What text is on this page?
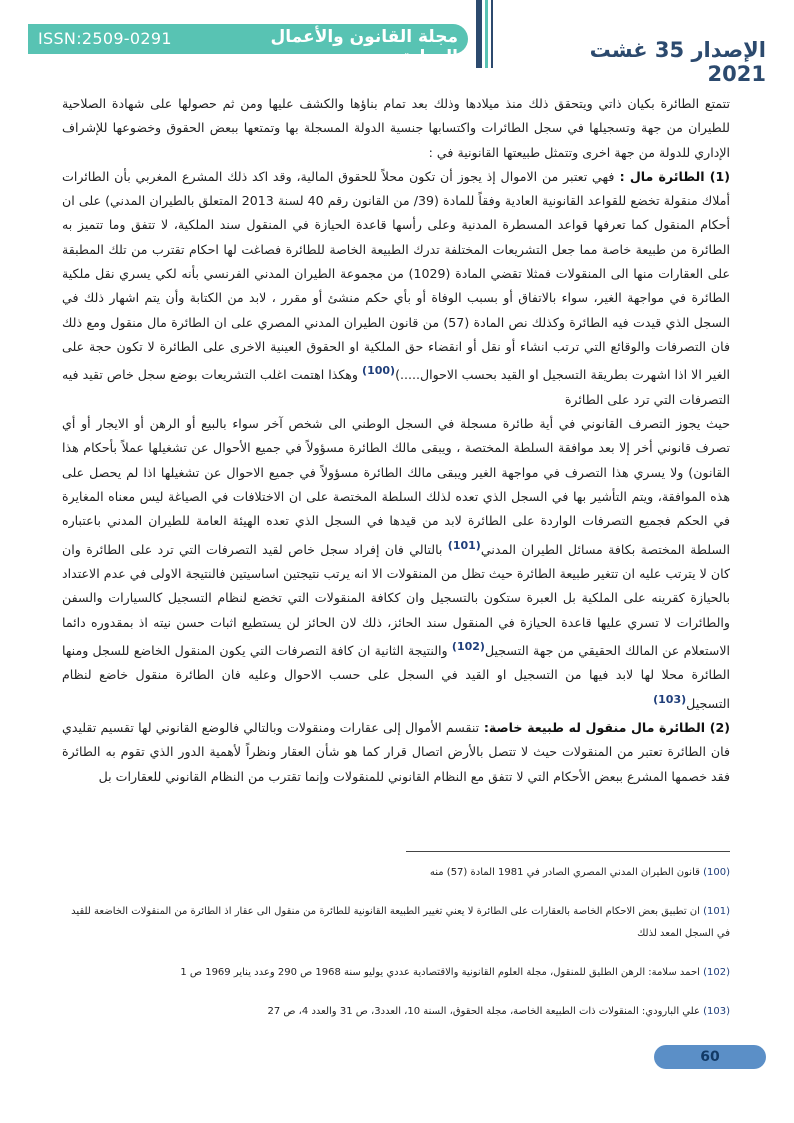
ISSN:2509-0291	مجلة القانون والأعمال الدولية	الإصدار 35 غشت 2021

تتمتع الطائرة بكيان ذاتي ويتحقق ذلك منذ ميلادها وذلك بعد تمام بناؤها والكشف عليها ومن ثم حصولها على شهادة الصلاحية للطيران من جهة وتسجيلها في سجل الطائرات واكتسابها جنسية الدولة المسجلة بها وتمتعها ببعض الحقوق وخضوعها للإشراف الإداري للدولة من جهة اخرى وتتمثل طبيعتها القانونية في :

(1) الطائرة مال : فهي تعتبر من الاموال إذ يجوز أن تكون محلاً للحقوق المالية، وقد اكد ذلك المشرع المغربي بأن الطائرات أملاك منقولة تخضع للقواعد القانونية العادية وفقاً للمادة (39/ من القانون رقم 40 لسنة 2013 المتعلق بالطيران المدني) على ان أحكام المنقول كما تعرفها قواعد المسطرة المدنية وعلى رأسها قاعدة الحيازة في المنقول سند الملكية، لا تتفق وما تتميز به الطائرة من طبيعة خاصة مما جعل التشريعات المختلفة تدرك الطبيعة الخاصة للطائرة فصاغت لها احكام تقترب من تلك المطبقة على العقارات منها الى المنقولات فمثلا تقضي المادة (1029) من مجموعة الطيران المدني الفرنسي بأنه لكي يسري نقل ملكية الطائرة في مواجهة الغير، سواء بالاتفاق أو بسبب الوفاة أو بأي حكم منشئ أو مقرر ، لابد من الكتابة وأن يتم اشهار ذلك في السجل الذي قيدت فيه الطائرة وكذلك نص المادة (57) من قانون الطيران المدني المصري على ان الطائرة مال منقول ومع ذلك فان التصرفات والوقائع التي ترتب انشاء أو نقل أو انقضاء حق الملكية او الحقوق العينية الاخرى على الطائرة لا تكون حجة على الغير الا اذا اشهرت بطريقة التسجيل او القيد بحسب الاحوال.....)(100) وهكذا اهتمت اغلب التشريعات بوضع سجل خاص تقيد فيه التصرفات التي ترد على الطائرة

حيث يجوز التصرف القانوني في أية طائرة مسجلة في السجل الوطني الى شخص آخر سواء بالبيع أو الرهن أو الايجار أو أي تصرف قانوني أخر إلا بعد موافقة السلطة المختصة ، ويبقى مالك الطائرة مسؤولاً في جميع الأحوال عن تشغيلها عملاً بأحكام هذا القانون) ولا يسري هذا التصرف في مواجهة الغير ويبقى مالك الطائرة مسؤولاً في جميع الاحوال عن تشغيلها اذا لم يحصل على هذه الموافقة، ويتم التأشير بها في السجل الذي تعده لذلك السلطة المختصة على ان الاختلافات في الصياغة ليس معناه المغايرة في الحكم فجميع التصرفات الواردة على الطائرة لابد من قيدها في السجل الذي تعده الهيئة العامة للطيران المدني باعتباره السلطة المختصة بكافة مسائل الطيران المدني(101) بالتالي فان إفراد سجل خاص لقيد التصرفات التي ترد على الطائرة وان كان لا يترتب عليه ان تتغير طبيعة الطائرة حيث تظل من المنقولات الا انه يرتب نتيجتين اساسيتين فالنتيجة الاولى في عدم الاعتداد بالحيازة كقرينه على الملكية بل العبرة ستكون بالتسجيل وان ككافة المنقولات التي تخضع لنظام التسجيل كالسيارات والسفن والطائرات لا تسري عليها قاعدة الحيازة في المنقول سند الحائز، ذلك لان الحائز لن يستطيع اثبات حسن نيته اذ بمقدوره دائما الاستعلام عن المالك الحقيقي من جهة التسجيل(102) والنتيجة الثانية ان كافة التصرفات التي يكون المنقول الخاضع للسجل ومنها الطائرة محلا لها لابد فيها من التسجيل او القيد في السجل على حسب الاحوال وعليه فان الطائرة منقول خاضع لنظام التسجيل(103)

(2) الطائرة مال منقول له طبيعة خاصة: تنقسم الأموال إلى عقارات ومنقولات وبالتالي فالوضع القانوني لها تقسيم تقليدي فان الطائرة تعتبر من المنقولات حيث لا تتصل بالأرض اتصال قرار كما هو شأن العقار ونظراً لأهمية الدور الذي تقوم به الطائرة فقد خصمها المشرع ببعض الأحكام التي لا تتفق مع النظام القانوني للمنقولات وإنما تقترب من النظام القانوني للعقارات بل

(100) قانون الطيران المدني المصري الصادر في 1981 المادة (57) منه

(101) ان تطبيق بعض الاحكام الخاصة بالعقارات على الطائرة لا يعني تغيير الطبيعة القانونية للطائرة من منقول الى عقار اذ الطائرة من المنقولات الخاضعة للقيد في السجل المعد لذلك

(102) احمد سلامة: الرهن الطليق للمنقول، مجلة العلوم القانونية والاقتصادية عددي يوليو سنة 1968 ص 290 وعدد يناير 1969 ص 1

(103) علي البارودي: المنقولات ذات الطبيعة الخاصة، مجلة الحقوق، السنة 10، العدد3، ص 31 والعدد 4، ص 27

60
